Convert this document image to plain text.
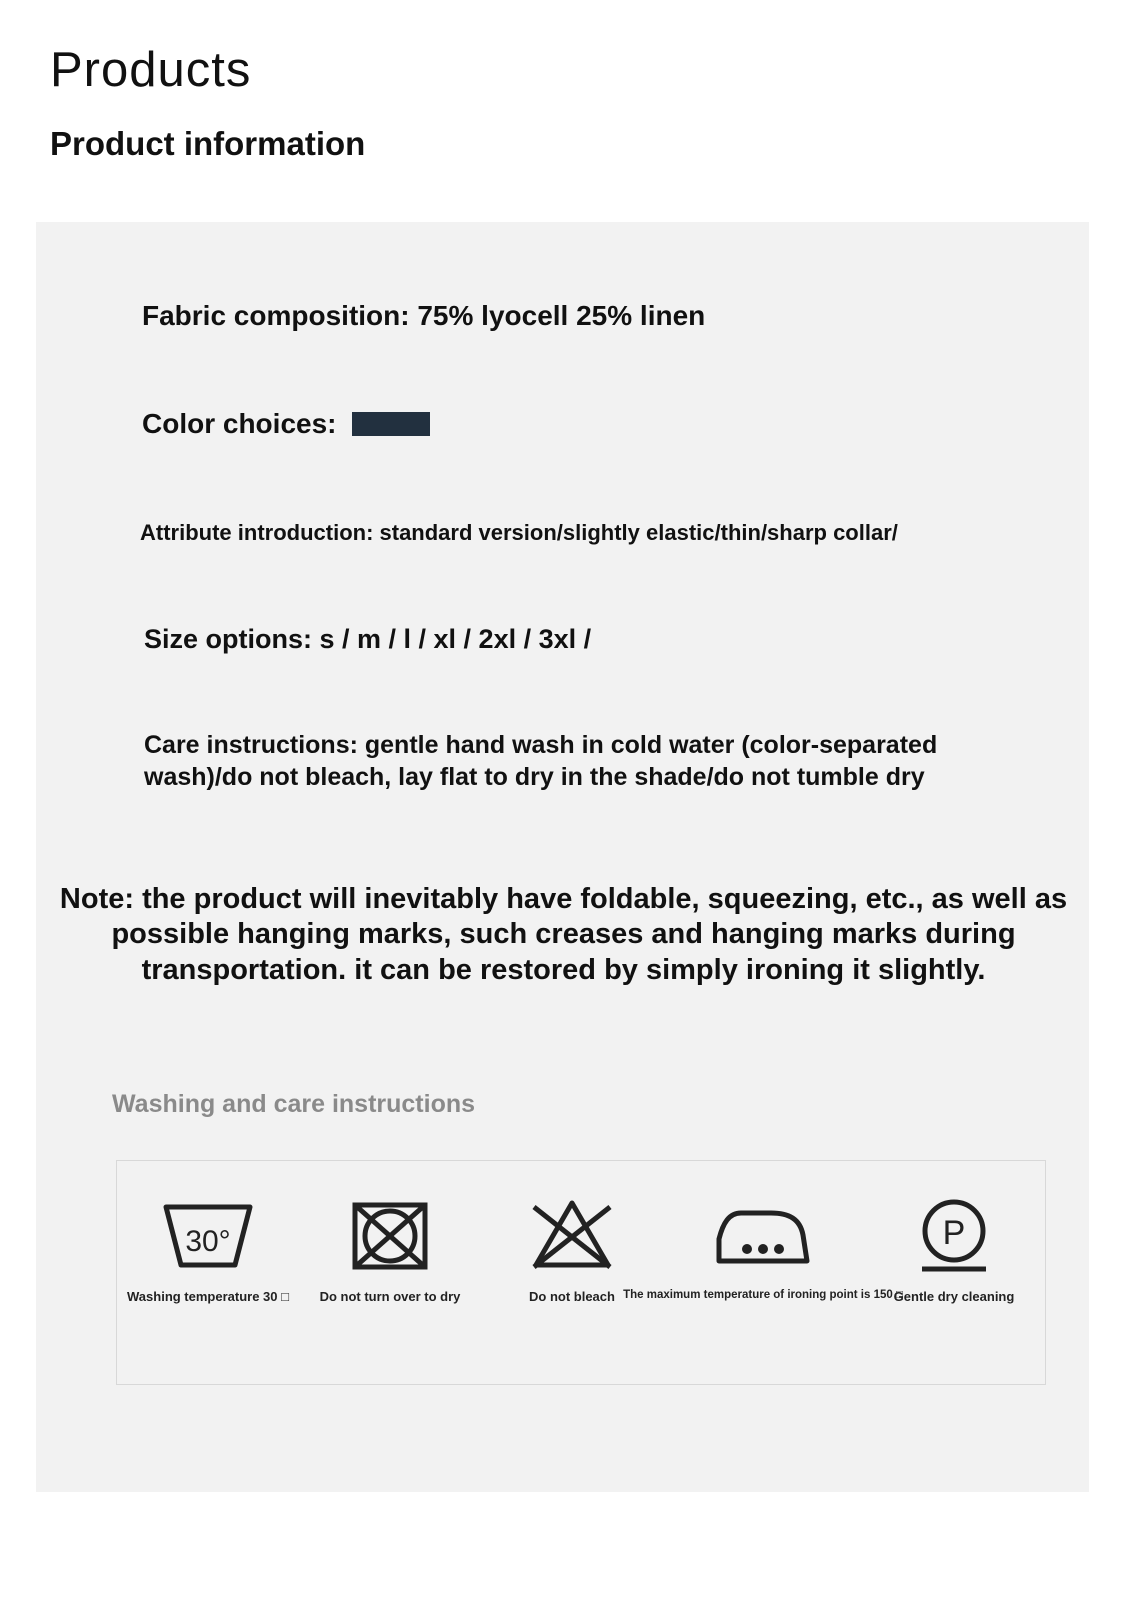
Products
Product information
Fabric composition: 75% lyocell 25% linen
Color choices:
Attribute introduction: standard version/slightly elastic/thin/sharp collar/
Size options: s / m / l / xl / 2xl / 3xl /
Care instructions: gentle hand wash in cold water (color-separated wash)/do not bleach, lay flat to dry in the shade/do not tumble dry
Note: the product will inevitably have foldable, squeezing, etc., as well as possible hanging marks, such creases and hanging marks during transportation. it can be restored by simply ironing it slightly.
Washing and care instructions
30°
Washing temperature 30 □ Do not turn over to dry	Do not bleach The maximum temperature of ironing point is 150 □
P
Gentle dry cleaning
